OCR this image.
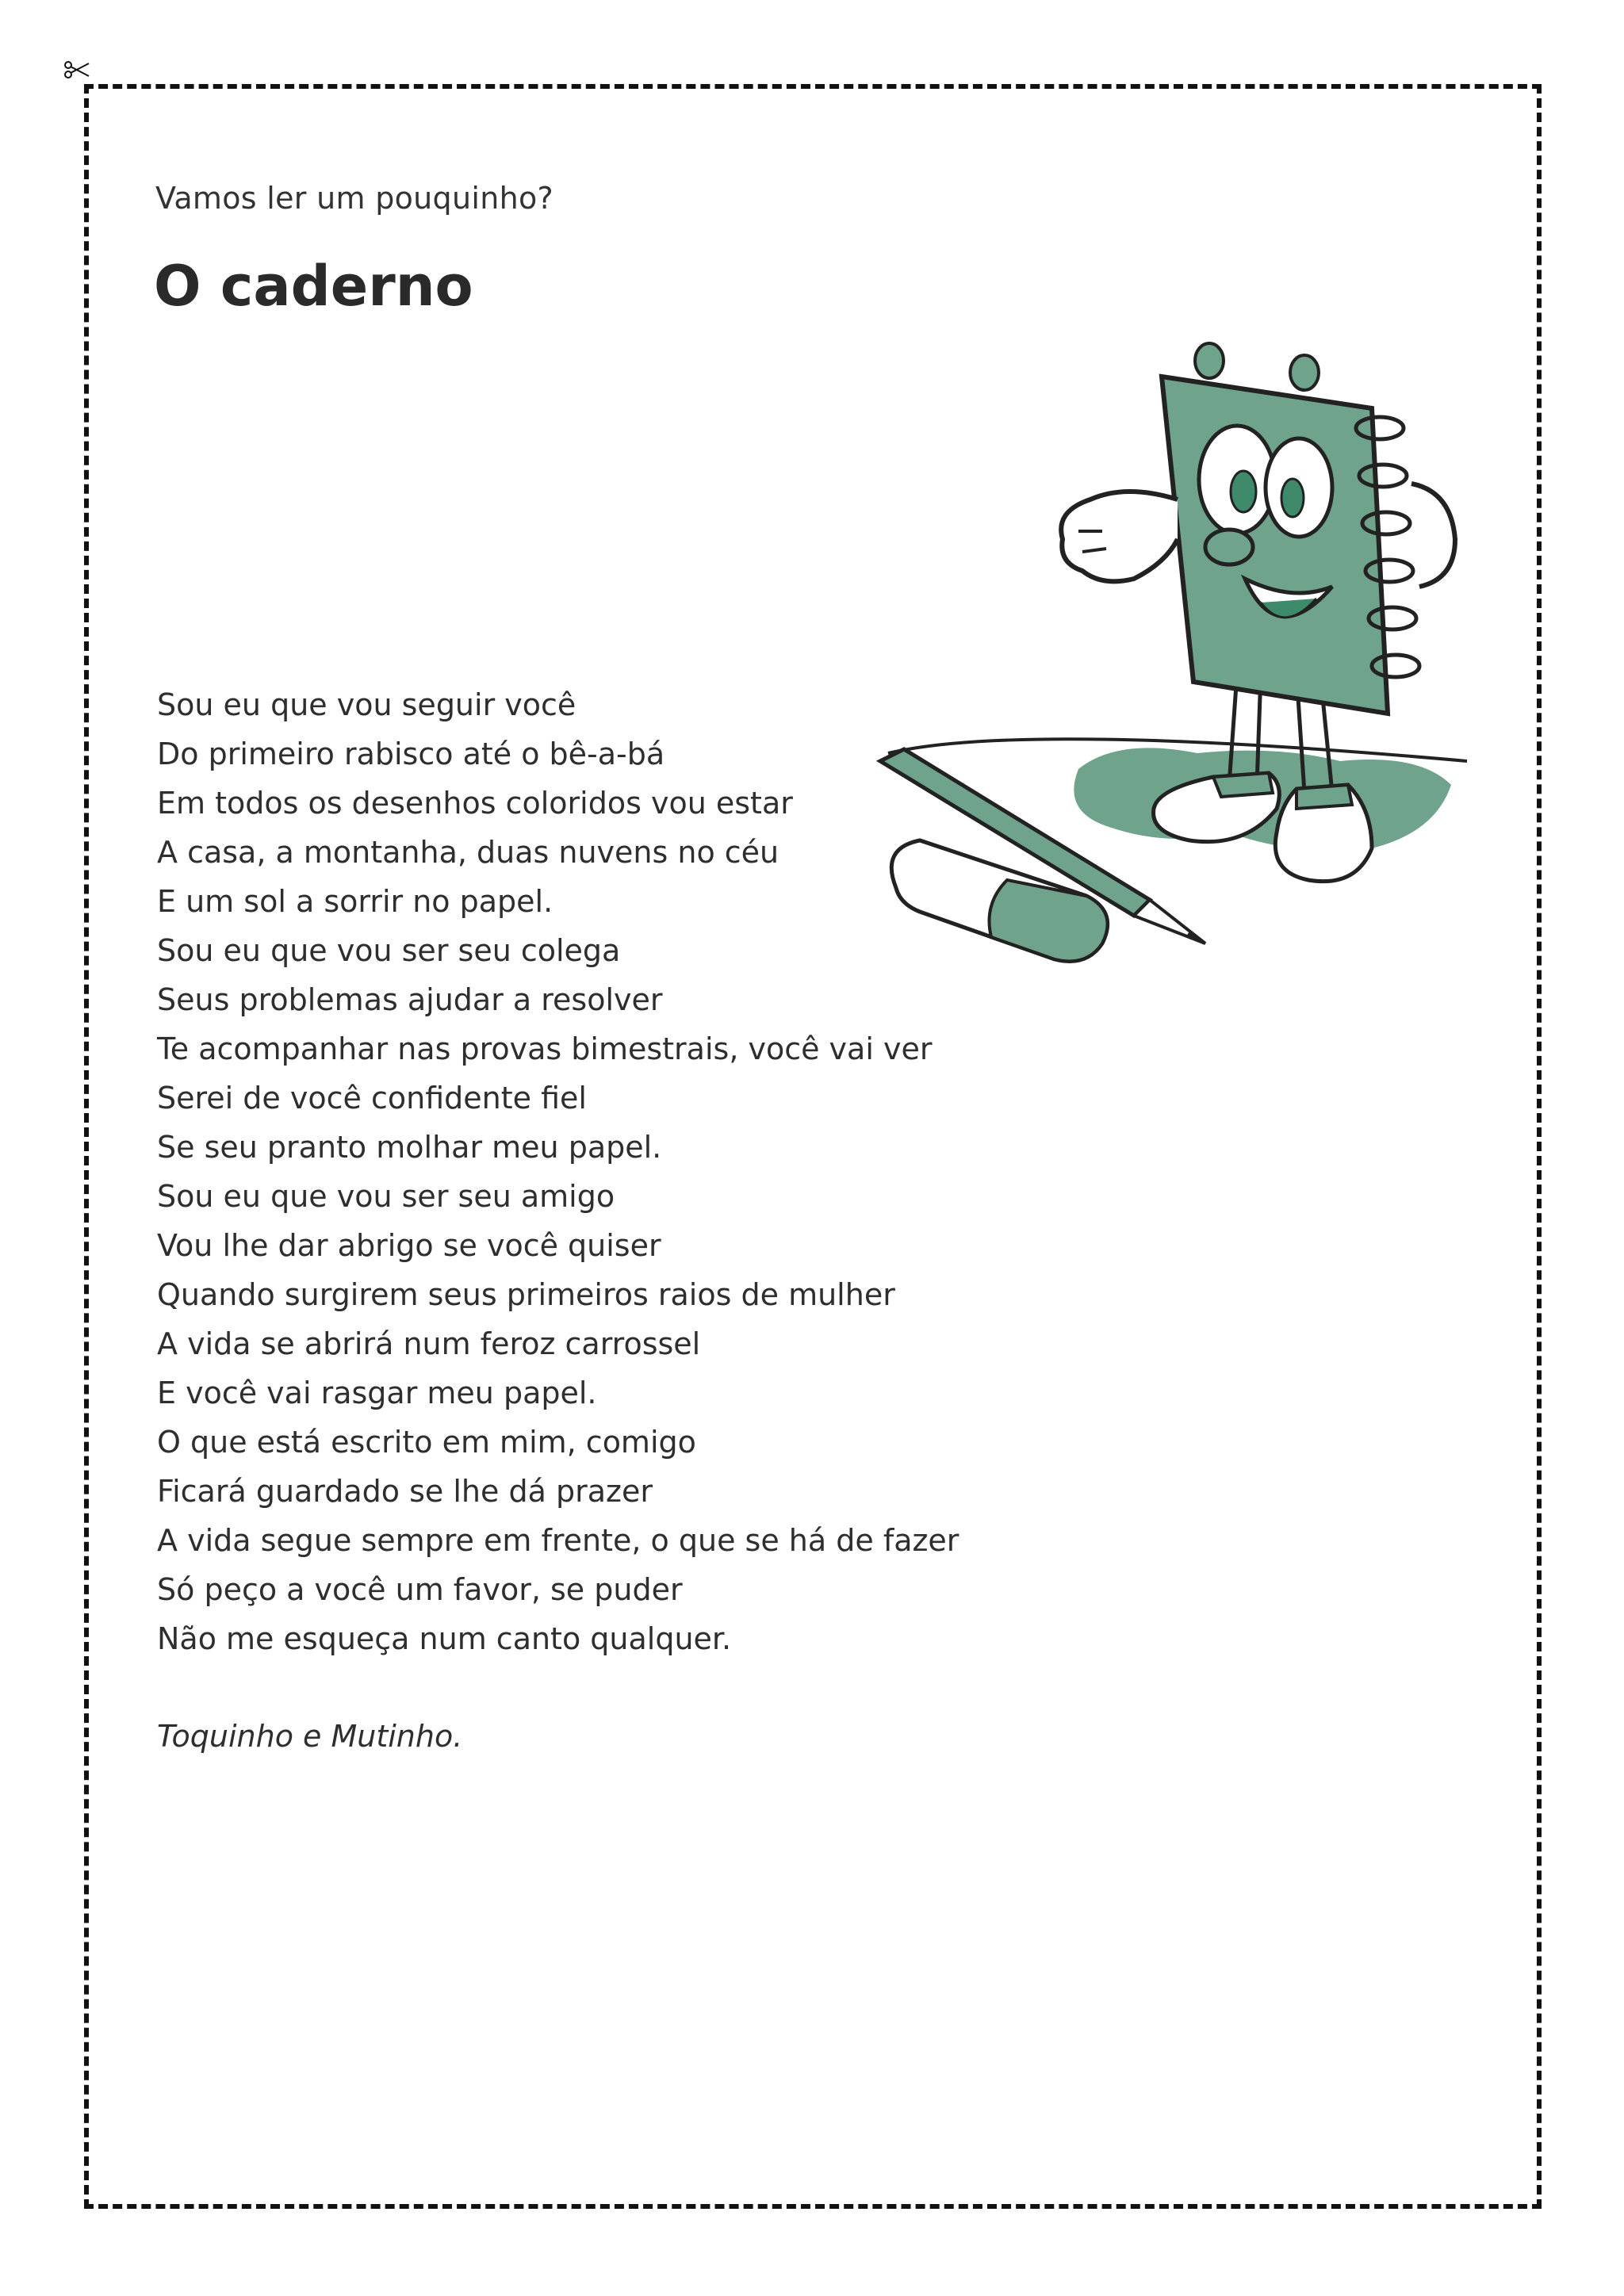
Vamos ler um pouquinho?
O caderno
Sou eu que vou seguir você
Do primeiro rabisco até o bê-a-bá
Em todos os desenhos coloridos vou estar
A casa, a montanha, duas nuvens no céu
E um sol a sorrir no papel.
Sou eu que vou ser seu colega
Seus problemas ajudar a resolver
Te acompanhar nas provas bimestrais, você vai ver
Serei de você confidente fiel
Se seu pranto molhar meu papel.
Sou eu que vou ser seu amigo
Vou lhe dar abrigo se você quiser
Quando surgirem seus primeiros raios de mulher
A vida se abrirá num feroz carrossel
E você vai rasgar meu papel.
O que está escrito em mim, comigo
Ficará guardado se lhe dá prazer
A vida segue sempre em frente, o que se há de fazer
Só peço a você um favor, se puder
Não me esqueça num canto qualquer.
Toquinho e Mutinho.
